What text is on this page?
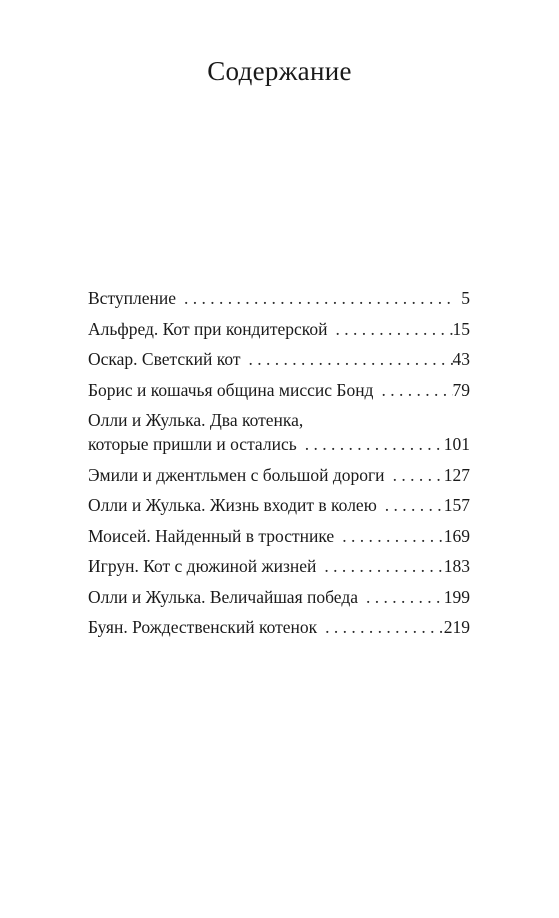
Содержание
Вступление . . .	5
Альфред. Кот при кондитерской . . .	15
Оскар. Светский кот . . .	43
Борис и кошачья община миссис Бонд . . .	79
Олли и Жулька. Два котенка,
которые пришли и остались . . .	101
Эмили и джентльмен с большой дороги . . .	127
Олли и Жулька. Жизнь входит в колею . . .	157
Моисей. Найденный в тростнике . . .	169
Игрун. Кот с дюжиной жизней . . .	183
Олли и Жулька. Величайшая победа . . .	199
Буян. Рождественский котенок . . .	219
